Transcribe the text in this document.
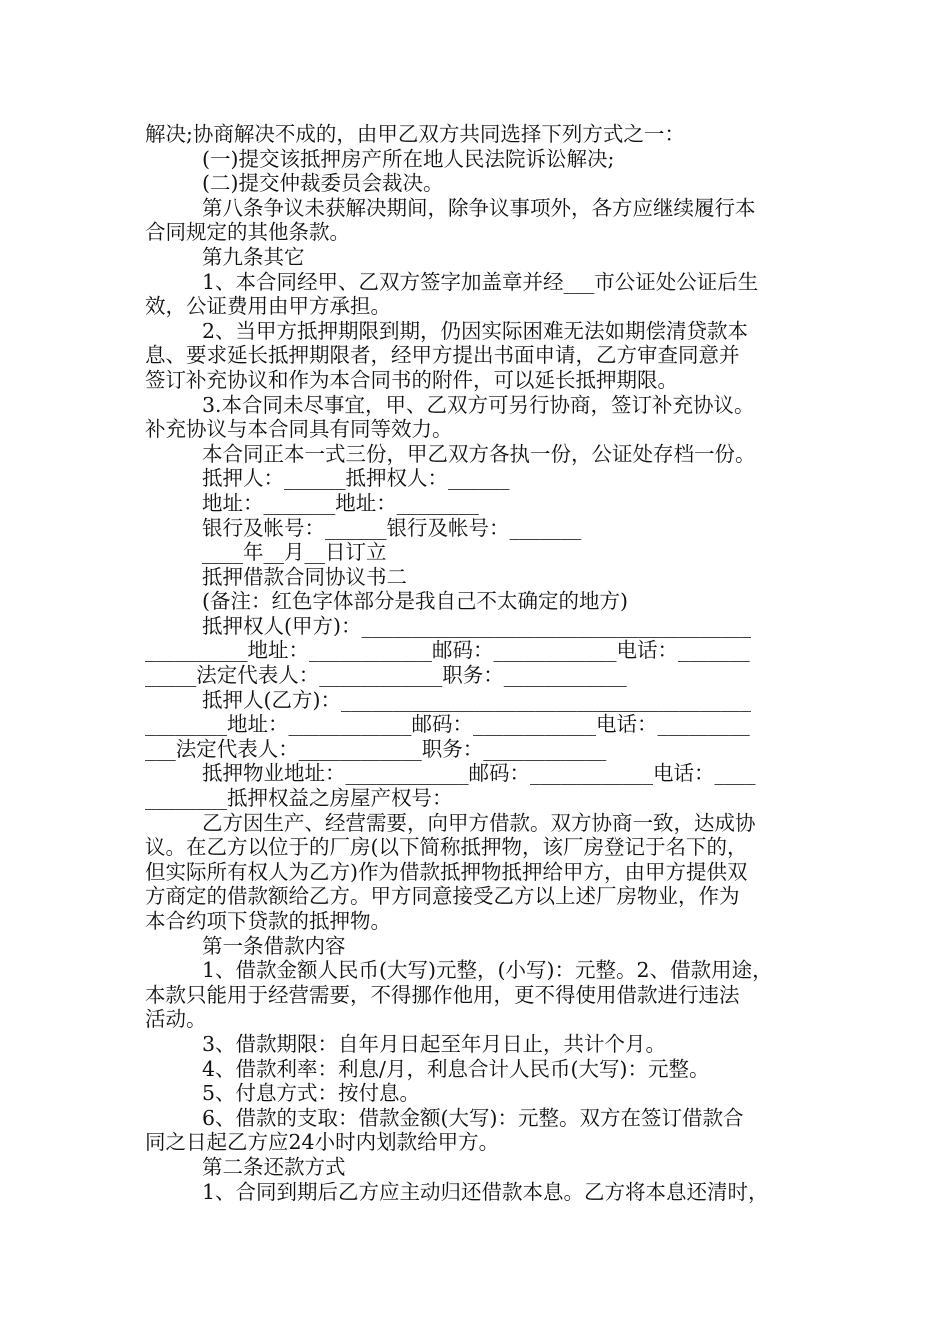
解决;协商解决不成的，由甲乙双方共同选择下列方式之一：
(一)提交该抵押房产所在地人民法院诉讼解决;
(二)提交仲裁委员会裁决。
第八条争议未获解决期间，除争议事项外，各方应继续履行本
合同规定的其他条款。
第九条其它
1、本合同经甲、乙双方签字加盖章并经___市公证处公证后生
效，公证费用由甲方承担。
2、当甲方抵押期限到期，仍因实际困难无法如期偿清贷款本
息、要求延长抵押期限者，经甲方提出书面申请，乙方审查同意并
签订补充协议和作为本合同书的附件，可以延长抵押期限。
3.本合同未尽事宜，甲、乙双方可另行协商，签订补充协议。
补充协议与本合同具有同等效力。
本合同正本一式三份，甲乙双方各执一份，公证处存档一份。
抵押人：______抵押权人：______
地址：_______地址：________
银行及帐号：______银行及帐号：_______
____年__月__日订立
抵押借款合同协议书二
(备注：红色字体部分是我自己不太确定的地方)
抵押权人(甲方)：______________________________________
__________地址：____________邮码：____________电话：_______
_____法定代表人：____________职务：____________
抵押人(乙方)：________________________________________
________地址：____________邮码：____________电话：_________
___法定代表人：____________职务：____________
抵押物业地址：____________邮码：____________电话：____
________抵押权益之房屋产权号：
乙方因生产、经营需要，向甲方借款。双方协商一致，达成协
议。在乙方以位于的厂房(以下简称抵押物，该厂房登记于名下的，
但实际所有权人为乙方)作为借款抵押物抵押给甲方，由甲方提供双
方商定的借款额给乙方。甲方同意接受乙方以上述厂房物业，作为
本合约项下贷款的抵押物。
第一条借款内容
1、借款金额人民币(大写)元整，(小写)：元整。2、借款用途，
本款只能用于经营需要，不得挪作他用，更不得使用借款进行违法
活动。
3、借款期限：自年月日起至年月日止，共计个月。
4、借款利率：利息/月，利息合计人民币(大写)：元整。
5、付息方式：按付息。
6、借款的支取：借款金额(大写)：元整。双方在签订借款合
同之日起乙方应24小时内划款给甲方。
第二条还款方式
1、合同到期后乙方应主动归还借款本息。乙方将本息还清时，
